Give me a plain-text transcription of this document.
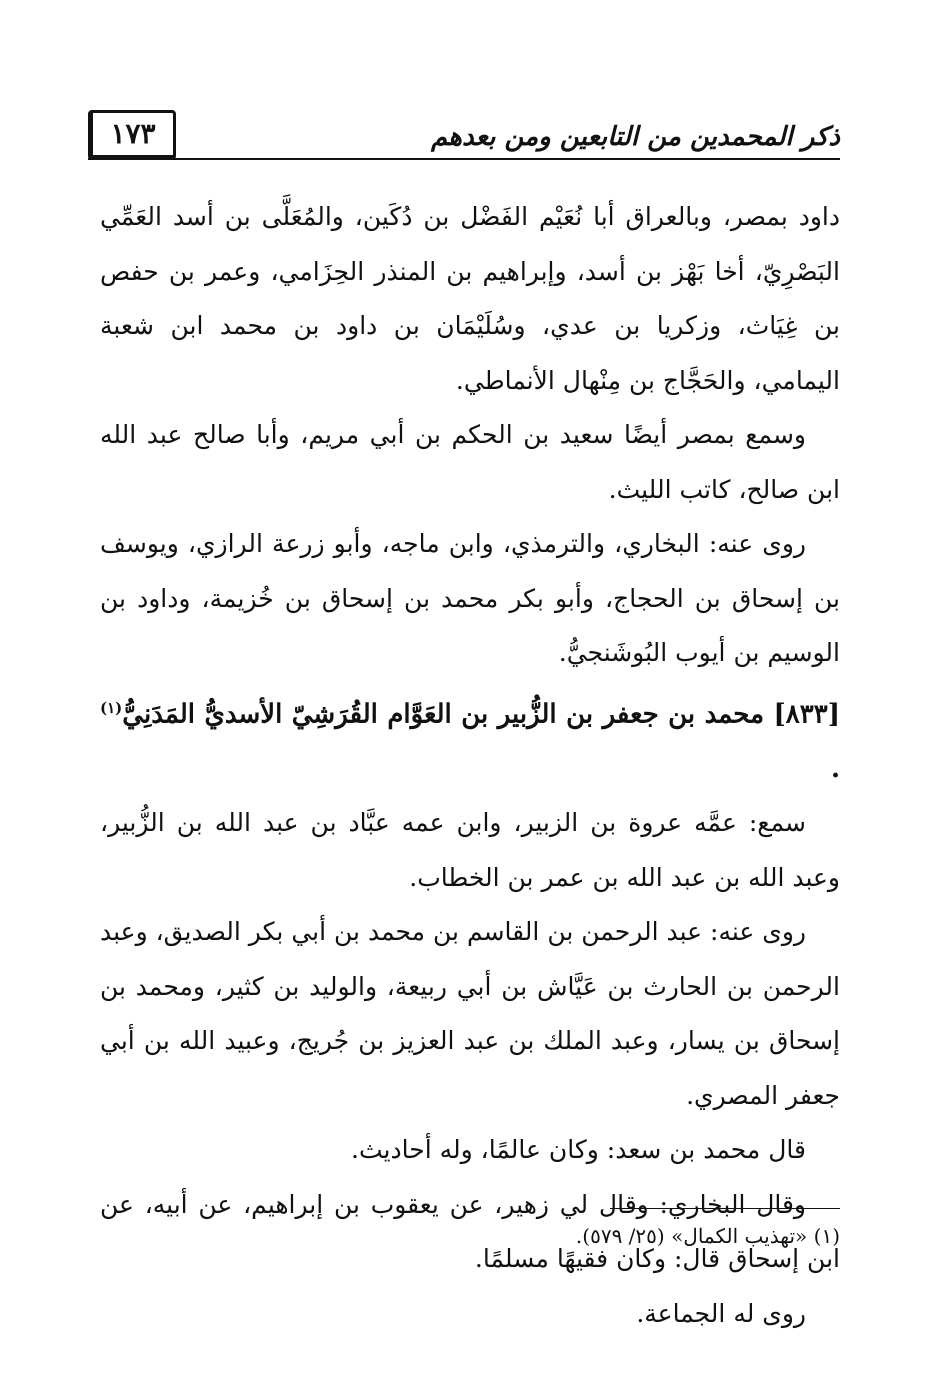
١٧٣	ذكر المحمدين من التابعين ومن بعدهم

داود بمصر، وبالعراق أبا نُعَيْم الفَضْل بن دُكَين، والمُعَلَّى بن أسد العَمِّي البَصْرِيّ، أخا بَهْز بن أسد، وإبراهيم بن المنذر الحِزَامي، وعمر بن حفص بن غِيَاث، وزكريا بن عدي، وسُلَيْمَان بن داود بن محمد ابن شعبة اليمامي، والحَجَّاج بن مِنْهال الأنماطي.

وسمع بمصر أيضًا سعيد بن الحكم بن أبي مريم، وأبا صالح عبد الله ابن صالح، كاتب الليث.

روى عنه: البخاري، والترمذي، وابن ماجه، وأبو زرعة الرازي، ويوسف بن إسحاق بن الحجاج، وأبو بكر محمد بن إسحاق بن خُزيمة، وداود بن الوسيم بن أيوب البُوشَنجيُّ.

[٨٣٣] محمد بن جعفر بن الزُّبير بن العَوَّام القُرَشِيّ الأسديُّ المَدَنِيُّ$^{(١)}$ .

سمع: عمَّه عروة بن الزبير، وابن عمه عبَّاد بن عبد الله بن الزُّبير، وعبد الله بن عبد الله بن عمر بن الخطاب.

روى عنه: عبد الرحمن بن القاسم بن محمد بن أبي بكر الصديق، وعبد الرحمن بن الحارث بن عَيَّاش بن أبي ربيعة، والوليد بن كثير، ومحمد بن إسحاق بن يسار، وعبد الملك بن عبد العزيز بن جُريج، وعبيد الله بن أبي جعفر المصري.

قال محمد بن سعد: وكان عالمًا، وله أحاديث.

وقال البخاري: وقال لي زهير، عن يعقوب بن إبراهيم، عن أبيه، عن ابن إسحاق قال: وكان فقيهًا مسلمًا.

روى له الجماعة.

(١) «تهذيب الكمال» (٢٥/ ٥٧٩).
